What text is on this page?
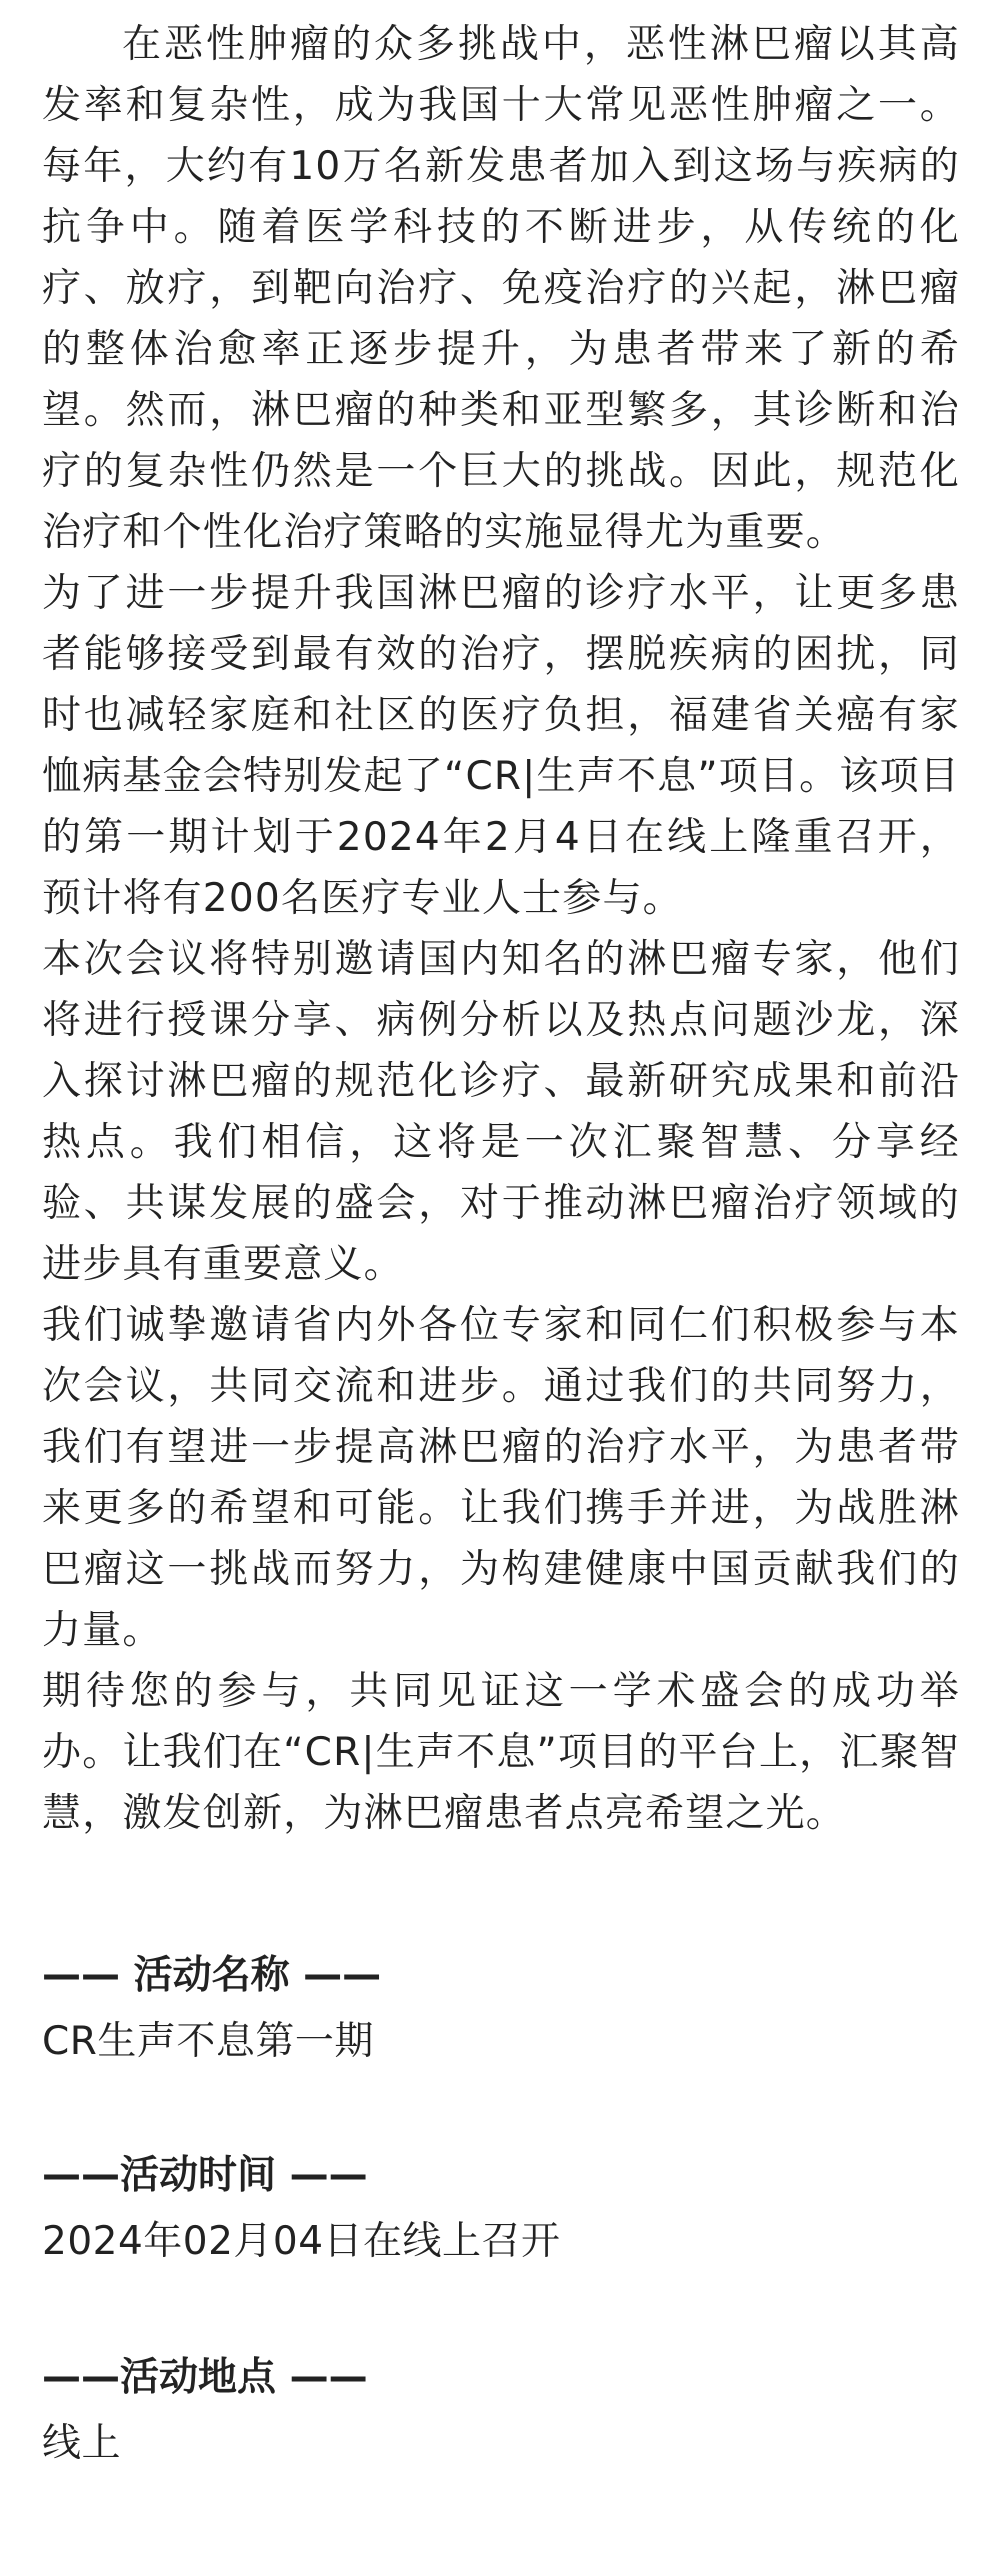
在恶性肿瘤的众多挑战中，恶性淋巴瘤以其高发率和复杂性，成为我国十大常见恶性肿瘤之一。每年，大约有10万名新发患者加入到这场与疾病的抗争中。随着医学科技的不断进步，从传统的化疗、放疗，到靶向治疗、免疫治疗的兴起，淋巴瘤的整体治愈率正逐步提升，为患者带来了新的希望。然而，淋巴瘤的种类和亚型繁多，其诊断和治疗的复杂性仍然是一个巨大的挑战。因此，规范化治疗和个性化治疗策略的实施显得尤为重要。

为了进一步提升我国淋巴瘤的诊疗水平，让更多患者能够接受到最有效的治疗，摆脱疾病的困扰，同时也减轻家庭和社区的医疗负担，福建省关癌有家恤病基金会特别发起了“CR|生声不息”项目。该项目的第一期计划于2024年2月4日在线上隆重召开，预计将有200名医疗专业人士参与。

本次会议将特别邀请国内知名的淋巴瘤专家，他们将进行授课分享、病例分析以及热点问题沙龙，深入探讨淋巴瘤的规范化诊疗、最新研究成果和前沿热点。我们相信，这将是一次汇聚智慧、分享经验、共谋发展的盛会，对于推动淋巴瘤治疗领域的进步具有重要意义。

我们诚挚邀请省内外各位专家和同仁们积极参与本次会议，共同交流和进步。通过我们的共同努力，我们有望进一步提高淋巴瘤的治疗水平，为患者带来更多的希望和可能。让我们携手并进，为战胜淋巴瘤这一挑战而努力，为构建健康中国贡献我们的力量。

期待您的参与，共同见证这一学术盛会的成功举办。让我们在“CR|生声不息”项目的平台上，汇聚智慧，激发创新，为淋巴瘤患者点亮希望之光。

—— 活动名称 ——

CR生声不息第一期

——活动时间 ——

2024年02月04日在线上召开

——活动地点 ——

线上
